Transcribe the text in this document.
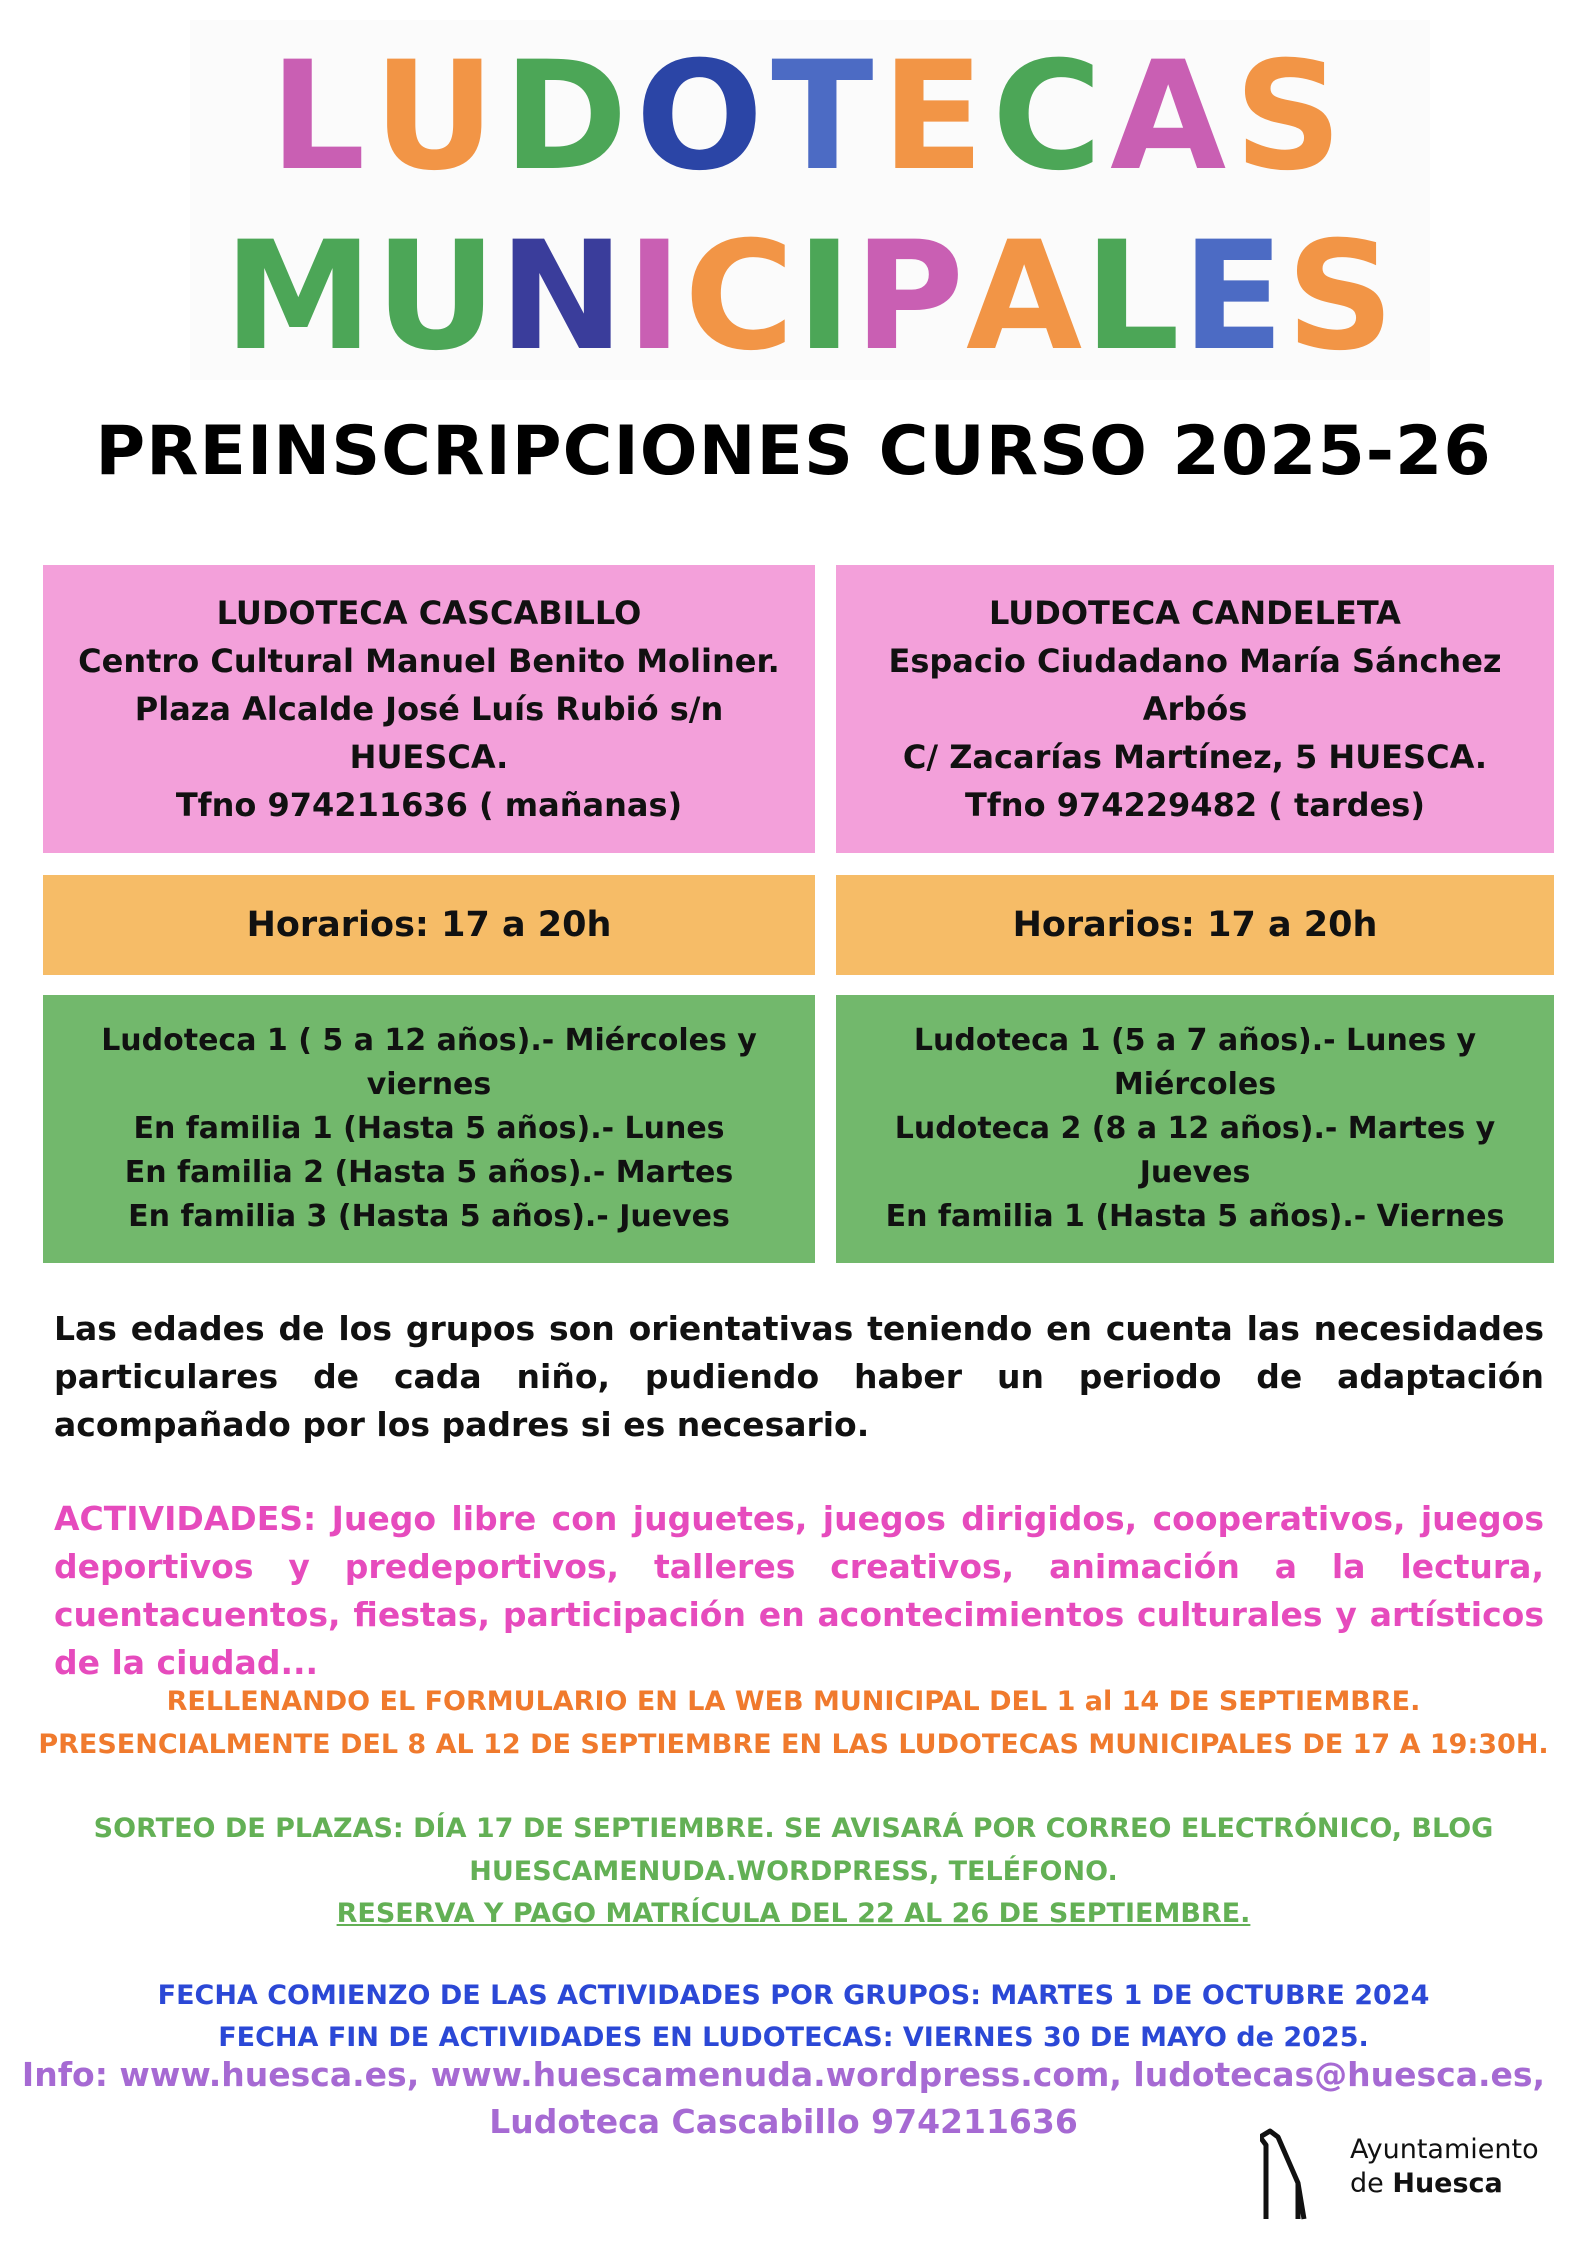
LUDOTECAS
MUNICIPALES
PREINSCRIPCIONES CURSO 2025-26
LUDOTECA CASCABILLO
Centro Cultural Manuel Benito Moliner.
Plaza Alcalde José Luís Rubió s/n
HUESCA.
Tfno 974211636 ( mañanas)
Horarios: 17 a 20h
Ludoteca 1 ( 5 a 12 años).- Miércoles y viernes
En familia 1 (Hasta 5 años).- Lunes
En familia 2 (Hasta 5 años).- Martes
En familia 3 (Hasta 5 años).- Jueves
LUDOTECA CANDELETA
Espacio Ciudadano María Sánchez
Arbós
C/ Zacarías Martínez, 5 HUESCA.
Tfno 974229482 ( tardes)
Horarios: 17 a 20h
Ludoteca 1 (5 a 7 años).- Lunes y Miércoles
Ludoteca 2 (8 a 12 años).- Martes y Jueves
En familia 1 (Hasta 5 años).- Viernes
Las edades de los grupos son orientativas teniendo en cuenta las necesidades particulares de cada niño, pudiendo haber un periodo de adaptación acompañado por los padres si es necesario.
ACTIVIDADES: Juego libre con juguetes, juegos dirigidos, cooperativos, juegos deportivos y predeportivos, talleres creativos, animación a la lectura, cuentacuentos, fiestas, participación en acontecimientos culturales y artísticos de la ciudad...
RELLENANDO EL FORMULARIO EN LA WEB MUNICIPAL DEL 1 al 14 DE SEPTIEMBRE.
PRESENCIALMENTE DEL 8 AL 12 DE SEPTIEMBRE EN LAS LUDOTECAS MUNICIPALES DE 17 A 19:30H.
SORTEO DE PLAZAS: DÍA 17 DE SEPTIEMBRE. SE AVISARÁ POR CORREO ELECTRÓNICO, BLOG
HUESCAMENUDA.WORDPRESS, TELÉFONO.
RESERVA Y PAGO MATRÍCULA DEL 22 AL 26 DE SEPTIEMBRE.
FECHA COMIENZO DE LAS ACTIVIDADES POR GRUPOS: MARTES 1 DE OCTUBRE 2024
FECHA FIN DE ACTIVIDADES EN LUDOTECAS: VIERNES 30 DE MAYO de 2025.
Info: www.huesca.es, www.huescamenuda.wordpress.com, ludotecas@huesca.es,
Ludoteca Cascabillo 974211636
Ayuntamiento
de Huesca
